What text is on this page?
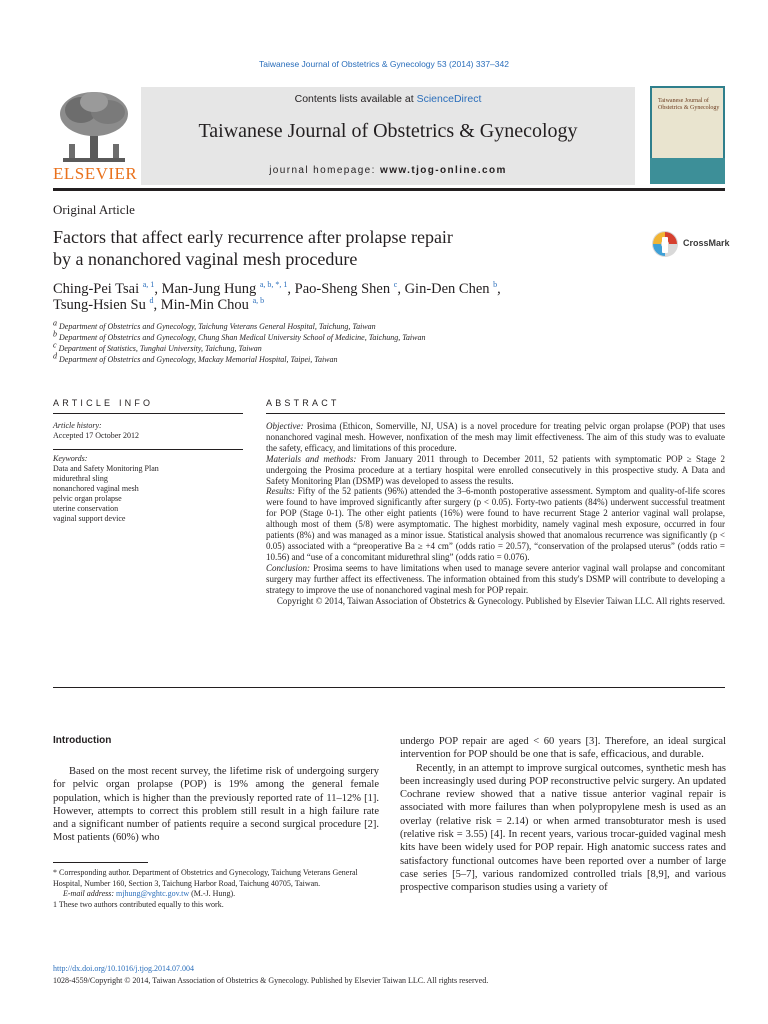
Taiwanese Journal of Obstetrics & Gynecology 53 (2014) 337–342
ELSEVIER
Contents lists available at ScienceDirect
Taiwanese Journal of Obstetrics & Gynecology
journal homepage: www.tjog-online.com
Taiwanese Journal of Obstetrics & Gynecology
Original Article
Factors that affect early recurrence after prolapse repair
by a nonanchored vaginal mesh procedure
CrossMark
Ching-Pei Tsai $^{a, 1}$, Man-Jung Hung $^{a, b, *, 1}$, Pao-Sheng Shen $^c$, Gin-Den Chen $^b$,
Tsung-Hsien Su $^d$, Min-Min Chou $^{a, b}$
a Department of Obstetrics and Gynecology, Taichung Veterans General Hospital, Taichung, Taiwan
b Department of Obstetrics and Gynecology, Chung Shan Medical University School of Medicine, Taichung, Taiwan
c Department of Statistics, Tunghai University, Taichung, Taiwan
d Department of Obstetrics and Gynecology, Mackay Memorial Hospital, Taipei, Taiwan
ARTICLE INFO	ABSTRACT
Article history:
Accepted 17 October 2012
Keywords:
Data and Safety Monitoring Plan
midurethral sling
nonanchored vaginal mesh
pelvic organ prolapse
uterine conservation
vaginal support device
Objective: Prosima (Ethicon, Somerville, NJ, USA) is a novel procedure for treating pelvic organ prolapse (POP) that uses nonanchored vaginal mesh. However, nonfixation of the mesh may limit effectiveness. The aim of this study was to evaluate the safety, efficacy, and limitations of this procedure.
Materials and methods: From January 2011 through to December 2011, 52 patients with symptomatic POP ≥ Stage 2 undergoing the Prosima procedure at a tertiary hospital were enrolled consecutively in this prospective study. A Data and Safety Monitoring Plan (DSMP) was developed to assess the results.
Results: Fifty of the 52 patients (96%) attended the 3–6-month postoperative assessment. Symptom and quality-of-life scores were found to have improved significantly after surgery (p < 0.05). Forty-two patients (84%) underwent successful treatment for POP (Stage 0-1). The other eight patients (16%) were found to have recurrent Stage 2 anterior vaginal wall prolapse, although most of them (5/8) were asymptomatic. The highest morbidity, namely vaginal mesh exposure, occurred in four patients (8%) and was managed as a minor issue. Statistical analysis showed that anomalous recurrence was significantly (p < 0.05) associated with a “preoperative Ba ≥ +4 cm” (odds ratio = 20.57), “conservation of the prolapsed uterus” (odds ratio = 10.56) and “use of a concomitant midurethral sling” (odds ratio = 0.076).
Conclusion: Prosima seems to have limitations when used to manage severe anterior vaginal wall prolapse and concomitant surgery may further affect its effectiveness. The information obtained from this study's DSMP will contribute to developing a strategy to improve the use of nonanchored vaginal mesh for POP repair.
Copyright © 2014, Taiwan Association of Obstetrics & Gynecology. Published by Elsevier Taiwan LLC. All rights reserved.
Introduction
Based on the most recent survey, the lifetime risk of undergoing surgery for pelvic organ prolapse (POP) is 19% among the general female population, which is higher than the previously reported rate of 11–12% [1]. However, attempts to correct this problem still result in a high failure rate and a significant number of patients require a second surgical procedure [2]. Most patients (60%) who
undergo POP repair are aged < 60 years [3]. Therefore, an ideal surgical intervention for POP should be one that is safe, efficacious, and durable.
Recently, in an attempt to improve surgical outcomes, synthetic mesh has been increasingly used during POP reconstructive pelvic surgery. An updated Cochrane review showed that a native tissue anterior vaginal repair is associated with more failures than when polypropylene mesh is used as an overlay (relative risk = 2.14) or when armed transobturator mesh is used (relative risk = 3.55) [4]. In recent years, various trocar-guided vaginal mesh kits have been widely used for POP repair. High anatomic success rates and satisfactory functional outcomes have been reported over a number of large case series [5–7], various randomized controlled trials [8,9], and various prospective comparison studies using a variety of
* Corresponding author. Department of Obstetrics and Gynecology, Taichung Veterans General Hospital, Number 160, Section 3, Taichung Harbor Road, Taichung 40705, Taiwan.
E-mail address: mjhung@vghtc.gov.tw (M.-J. Hung).
1 These two authors contributed equally to this work.
http://dx.doi.org/10.1016/j.tjog.2014.07.004
1028-4559/Copyright © 2014, Taiwan Association of Obstetrics & Gynecology. Published by Elsevier Taiwan LLC. All rights reserved.
